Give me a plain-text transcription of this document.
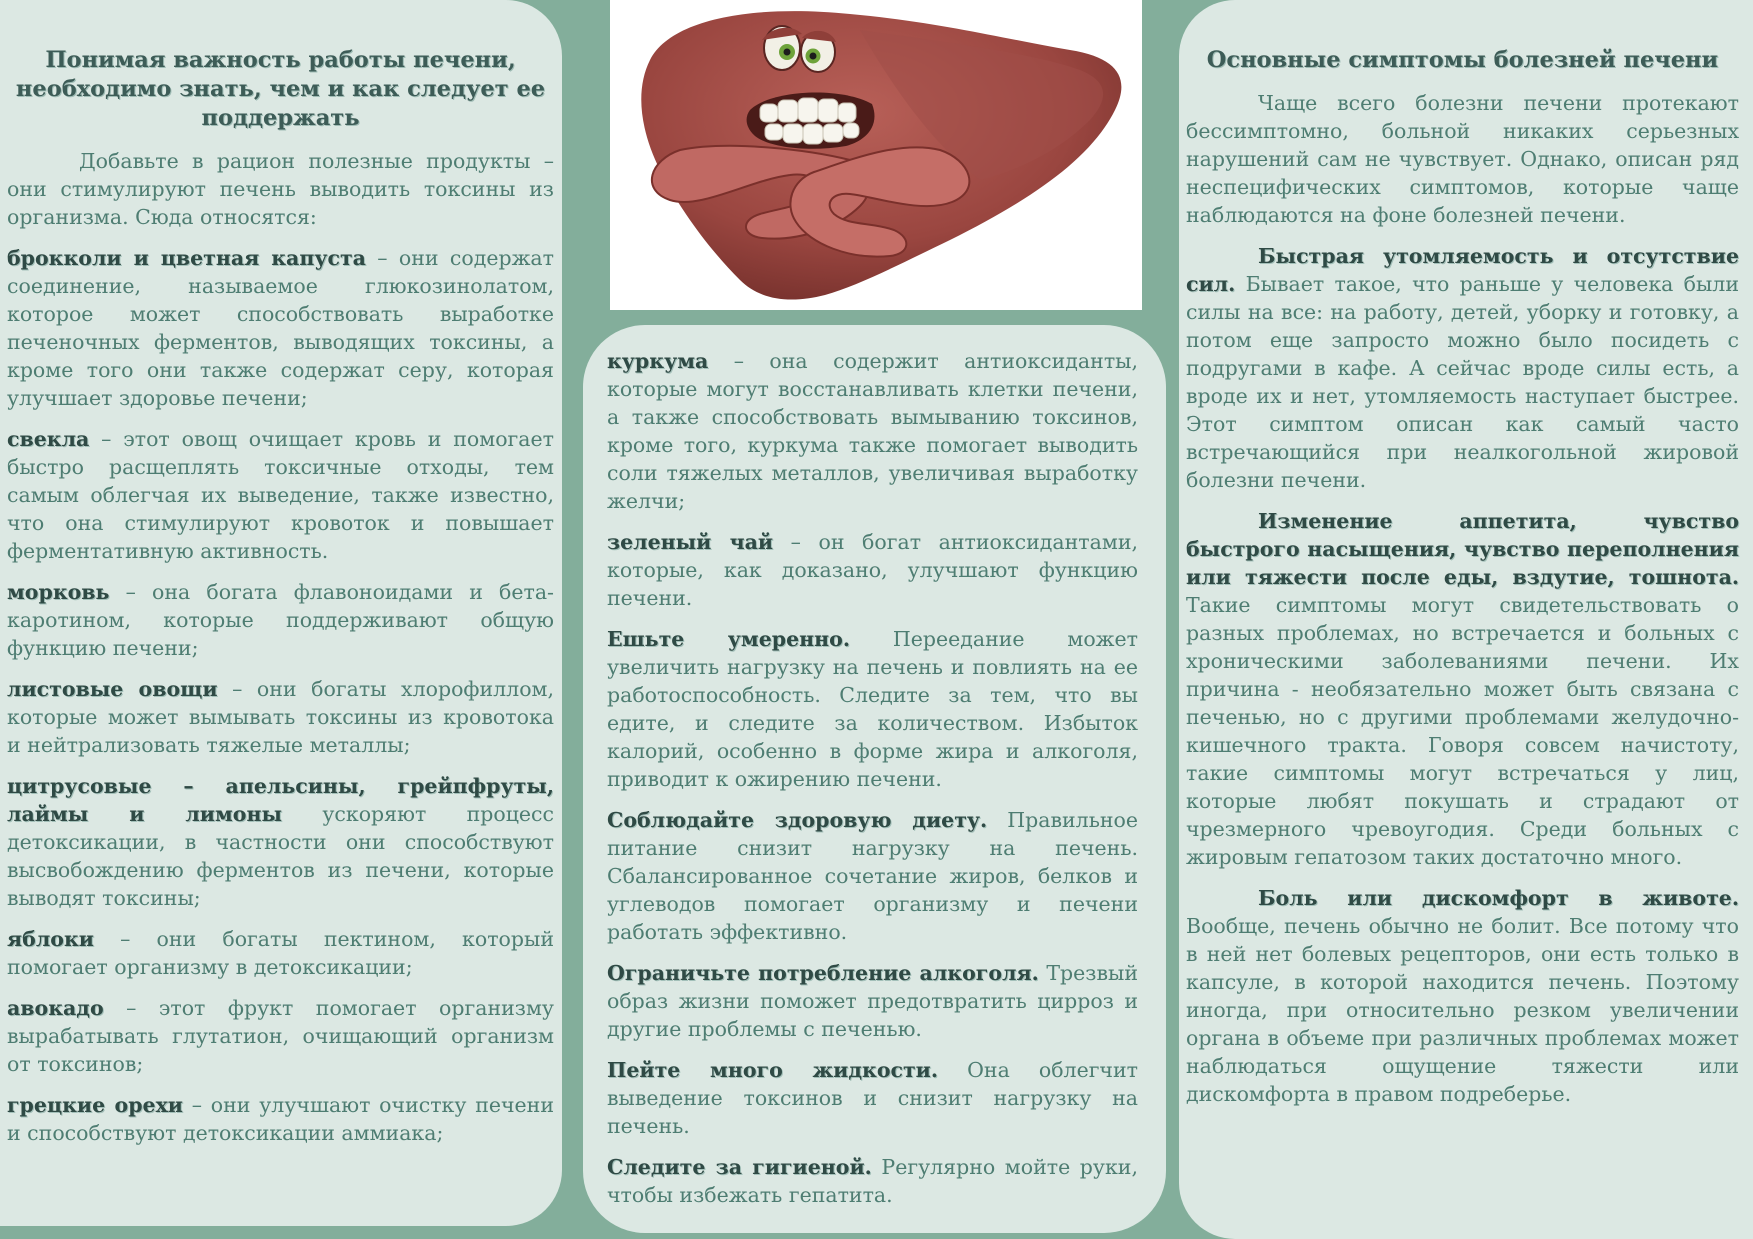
Понимая важность работы печени, необходимо знать, чем и как следует ее поддержать

Добавьте в рацион полезные продукты – они стимулируют печень выводить токсины из организма. Сюда относятся:

брокколи и цветная капуста – они содержат соединение, называемое глюкозинолатом, которое может способствовать выработке печеночных ферментов, выводящих токсины, а кроме того они также содержат серу, которая улучшает здоровье печени;

свекла – этот овощ очищает кровь и помогает быстро расщеплять токсичные отходы, тем самым облегчая их выведение, также известно, что она стимулируют кровоток и повышает ферментативную активность.

морковь – она богата флавоноидами и бета-каротином, которые поддерживают общую функцию печени;

листовые овощи – они богаты хлорофиллом, которые может вымывать токсины из кровотока и нейтрализовать тяжелые металлы;

цитрусовые – апельсины, грейпфруты, лаймы и лимоны ускоряют процесс детоксикации, в частности они способствуют высвобождению ферментов из печени, которые выводят токсины;

яблоки – они богаты пектином, который помогает организму в детоксикации;

авокадо – этот фрукт помогает организму вырабатывать глутатион, очищающий организм от токсинов;

грецкие орехи – они улучшают очистку печени и способствуют детоксикации аммиака;

куркума – она содержит антиоксиданты, которые могут восстанавливать клетки печени, а также способствовать вымыванию токсинов, кроме того, куркума также помогает выводить соли тяжелых металлов, увеличивая выработку желчи;

зеленый чай – он богат антиоксидантами, которые, как доказано, улучшают функцию печени.

Ешьте умеренно. Переедание может увеличить нагрузку на печень и повлиять на ее работоспособность. Следите за тем, что вы едите, и следите за количеством. Избыток калорий, особенно в форме жира и алкоголя, приводит к ожирению печени.

Соблюдайте здоровую диету. Правильное питание снизит нагрузку на печень. Сбалансированное сочетание жиров, белков и углеводов помогает организму и печени работать эффективно.

Ограничьте потребление алкоголя. Трезвый образ жизни поможет предотвратить цирроз и другие проблемы с печенью.

Пейте много жидкости. Она облегчит выведение токсинов и снизит нагрузку на печень.

Следите за гигиеной. Регулярно мойте руки, чтобы избежать гепатита.

Основные симптомы болезней печени

Чаще всего болезни печени протекают бессимптомно, больной никаких серьезных нарушений сам не чувствует. Однако, описан ряд неспецифических симптомов, которые чаще наблюдаются на фоне болезней печени.

Быстрая утомляемость и отсутствие сил. Бывает такое, что раньше у человека были силы на все: на работу, детей, уборку и готовку, а потом еще запросто можно было посидеть с подругами в кафе. А сейчас вроде силы есть, а вроде их и нет, утомляемость наступает быстрее. Этот симптом описан как самый часто встречающийся при неалкогольной жировой болезни печени.

Изменение аппетита, чувство быстрого насыщения, чувство переполнения или тяжести после еды, вздутие, тошнота. Такие симптомы могут свидетельствовать о разных проблемах, но встречается и больных с хроническими заболеваниями печени. Их причина - необязательно может быть связана с печенью, но с другими проблемами желудочно-кишечного тракта. Говоря совсем начистоту, такие симптомы могут встречаться у лиц, которые любят покушать и страдают от чрезмерного чревоугодия. Среди больных с жировым гепатозом таких достаточно много.

Боль или дискомфорт в животе. Вообще, печень обычно не болит. Все потому что в ней нет болевых рецепторов, они есть только в капсуле, в которой находится печень. Поэтому иногда, при относительно резком увеличении органа в объеме при различных проблемах может наблюдаться ощущение тяжести или дискомфорта в правом подреберье.
